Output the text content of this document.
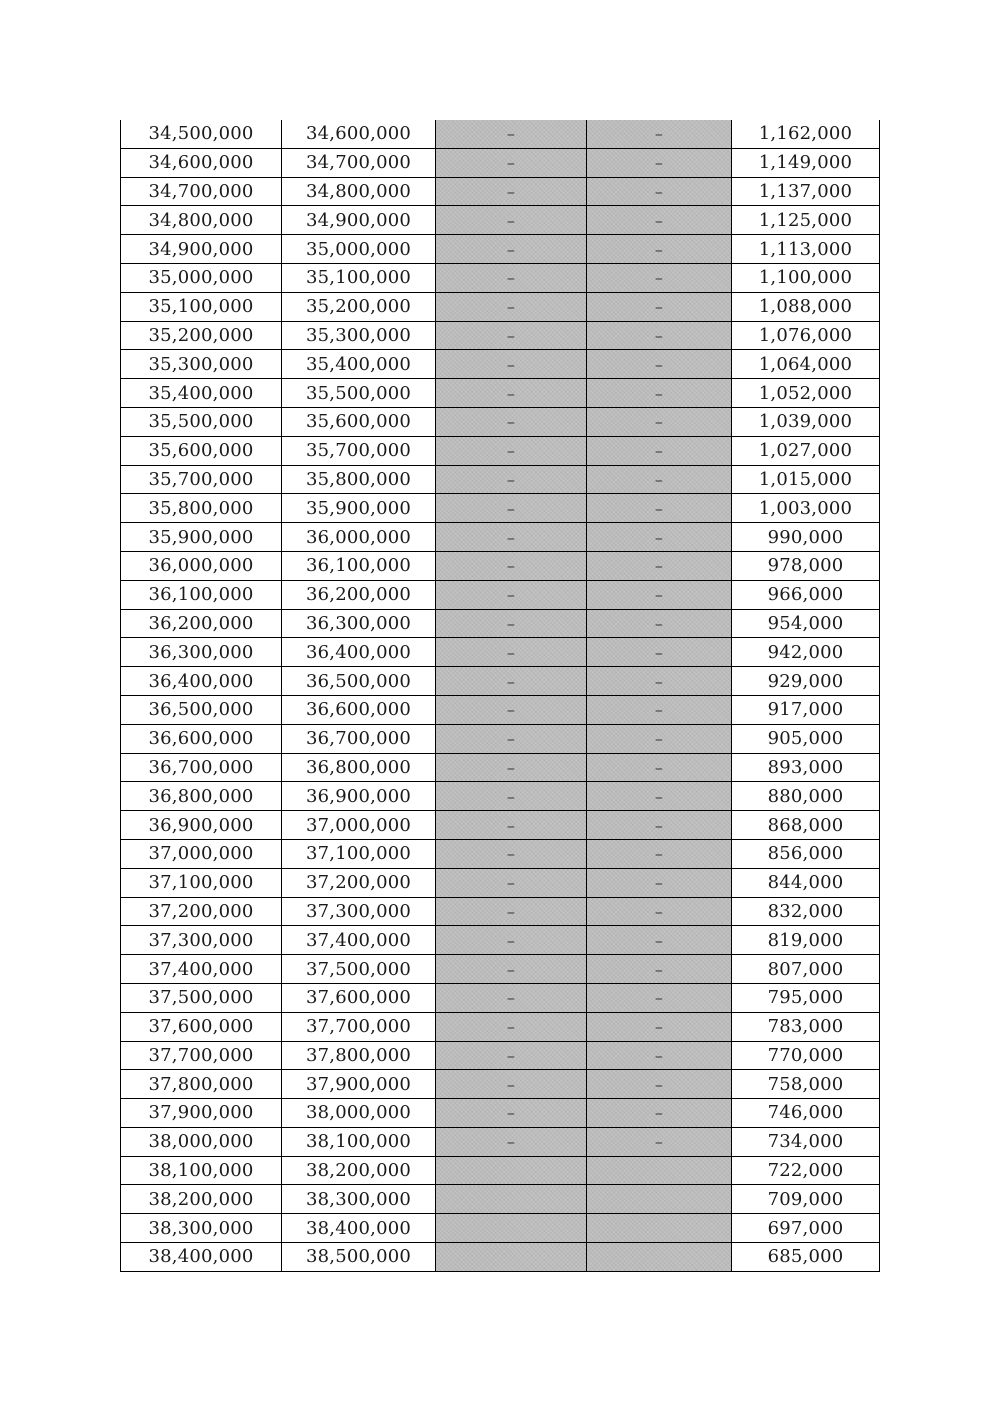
34,500,000	34,600,000	–	–	1,162,000
34,600,000	34,700,000	–	–	1,149,000
34,700,000	34,800,000	–	–	1,137,000
34,800,000	34,900,000	–	–	1,125,000
34,900,000	35,000,000	–	–	1,113,000
35,000,000	35,100,000	–	–	1,100,000
35,100,000	35,200,000	–	–	1,088,000
35,200,000	35,300,000	–	–	1,076,000
35,300,000	35,400,000	–	–	1,064,000
35,400,000	35,500,000	–	–	1,052,000
35,500,000	35,600,000	–	–	1,039,000
35,600,000	35,700,000	–	–	1,027,000
35,700,000	35,800,000	–	–	1,015,000
35,800,000	35,900,000	–	–	1,003,000
35,900,000	36,000,000	–	–	990,000
36,000,000	36,100,000	–	–	978,000
36,100,000	36,200,000	–	–	966,000
36,200,000	36,300,000	–	–	954,000
36,300,000	36,400,000	–	–	942,000
36,400,000	36,500,000	–	–	929,000
36,500,000	36,600,000	–	–	917,000
36,600,000	36,700,000	–	–	905,000
36,700,000	36,800,000	–	–	893,000
36,800,000	36,900,000	–	–	880,000
36,900,000	37,000,000	–	–	868,000
37,000,000	37,100,000	–	–	856,000
37,100,000	37,200,000	–	–	844,000
37,200,000	37,300,000	–	–	832,000
37,300,000	37,400,000	–	–	819,000
37,400,000	37,500,000	–	–	807,000
37,500,000	37,600,000	–	–	795,000
37,600,000	37,700,000	–	–	783,000
37,700,000	37,800,000	–	–	770,000
37,800,000	37,900,000	–	–	758,000
37,900,000	38,000,000	–	–	746,000
38,000,000	38,100,000	–	–	734,000
38,100,000	38,200,000			722,000
38,200,000	38,300,000			709,000
38,300,000	38,400,000			697,000
38,400,000	38,500,000			685,000
